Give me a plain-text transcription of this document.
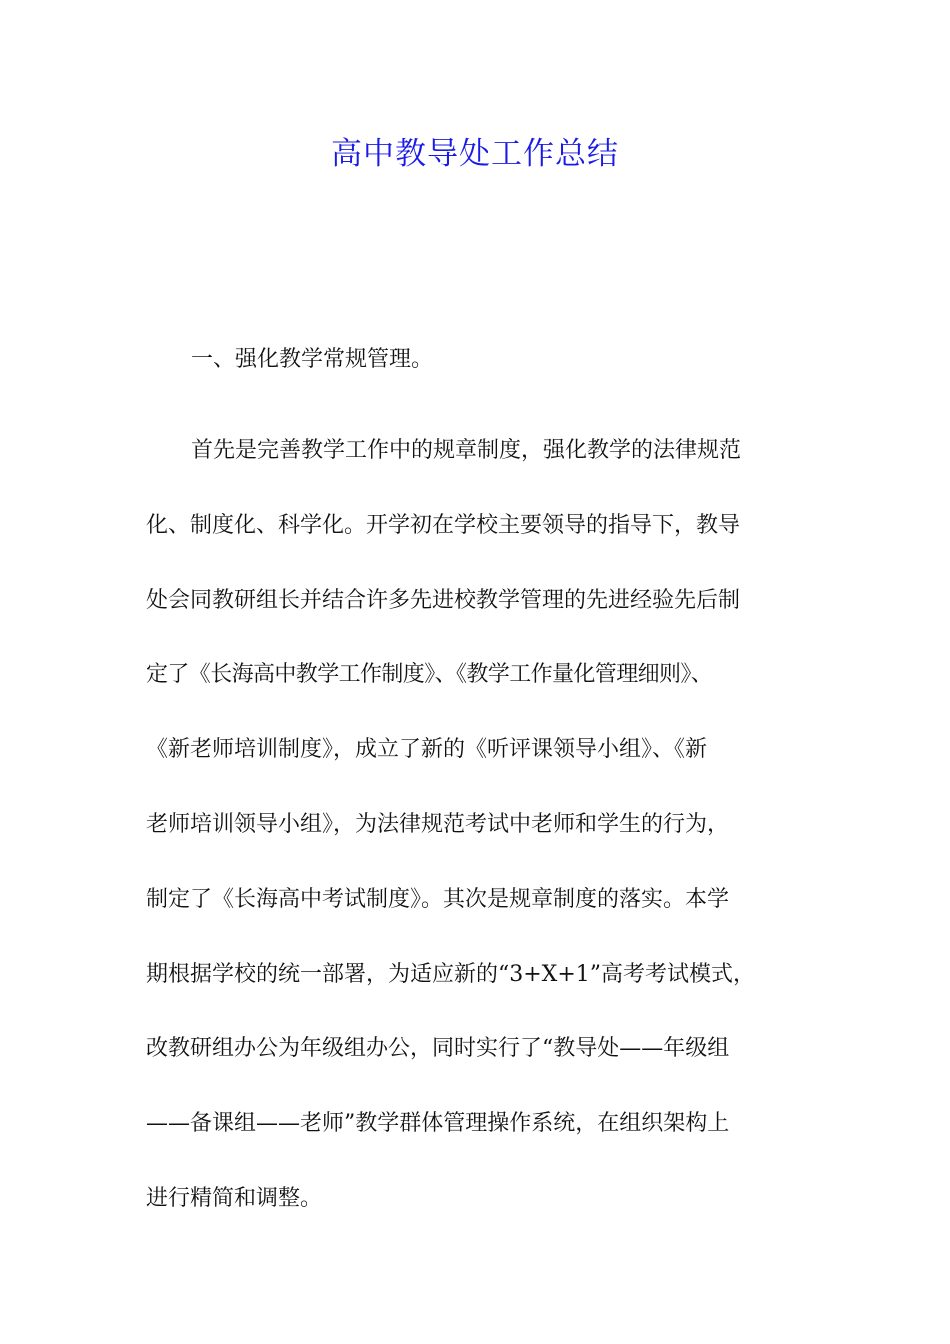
高中教导处工作总结

一、强化教学常规管理。

首先是完善教学工作中的规章制度，强化教学的法律规范
化、制度化、科学化。开学初在学校主要领导的指导下，教导
处会同教研组长并结合许多先进校教学管理的先进经验先后制
定了《长海高中教学工作制度》、《教学工作量化管理细则》、
《新老师培训制度》，成立了新的《听评课领导小组》、《新
老师培训领导小组》，为法律规范考试中老师和学生的行为，
制定了《长海高中考试制度》。其次是规章制度的落实。本学
期根据学校的统一部署，为适应新的“3+X+1”高考考试模式，
改教研组办公为年级组办公，同时实行了“教导处——年级组
——备课组——老师”教学群体管理操作系统，在组织架构上
进行精简和调整。
